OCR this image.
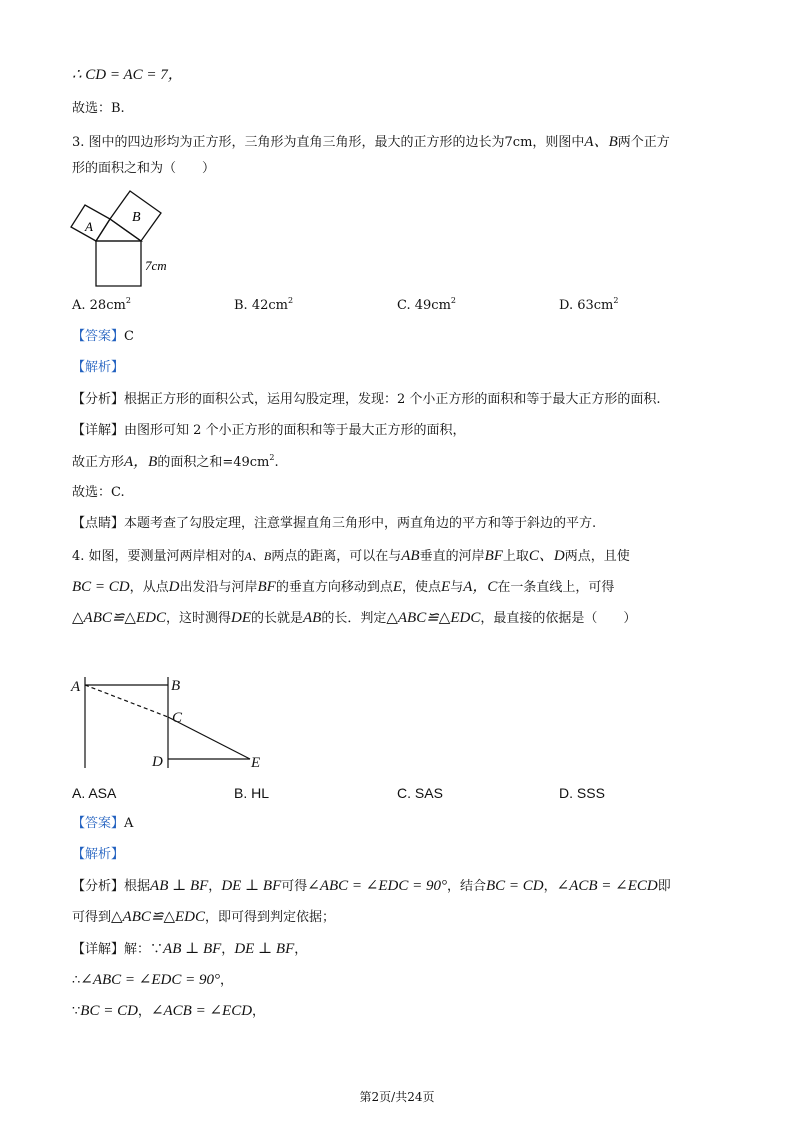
∴ CD = AC = 7，
故选：B.
3. 图中的四边形均为正方形，三角形为直角三角形，最大的正方形的边长为7cm，则图中A、B两个正方
形的面积之和为（　　）
A
B
7cm
A. $28cm^2$	B. $42cm^2$	C. $49cm^2$	D. $63cm^2$
【答案】C
【解析】
【分析】根据正方形的面积公式，运用勾股定理，发现：2 个小正方形的面积和等于最大正方形的面积.
【详解】由图形可知 2 个小正方形的面积和等于最大正方形的面积，
故正方形A，B的面积之和$=49cm^2$.
故选：C.
【点睛】本题考查了勾股定理，注意掌握直角三角形中，两直角边的平方和等于斜边的平方.
4. 如图，要测量河两岸相对的A、B两点的距离，可以在与AB垂直的河岸BF上取C、D两点，且使
BC = CD，从点D出发沿与河岸BF的垂直方向移动到点E，使点E与A，C在一条直线上，可得
△ABC≌△EDC，这时测得DE的长就是AB的长．判定△ABC≌△EDC，最直接的依据是（　　）
A	B
C
D	E
A. ASA	B. HL	C. SAS	D. SSS
【答案】A
【解析】
【分析】根据AB ⊥ BF，DE ⊥ BF可得∠ABC = ∠EDC = 90°，结合BC = CD，∠ACB = ∠ECD即
可得到△ABC≌△EDC，即可得到判定依据；
【详解】解：∵AB ⊥ BF，DE ⊥ BF，
∴∠ABC = ∠EDC = 90°，
∵BC = CD，∠ACB = ∠ECD，
第2页/共24页
